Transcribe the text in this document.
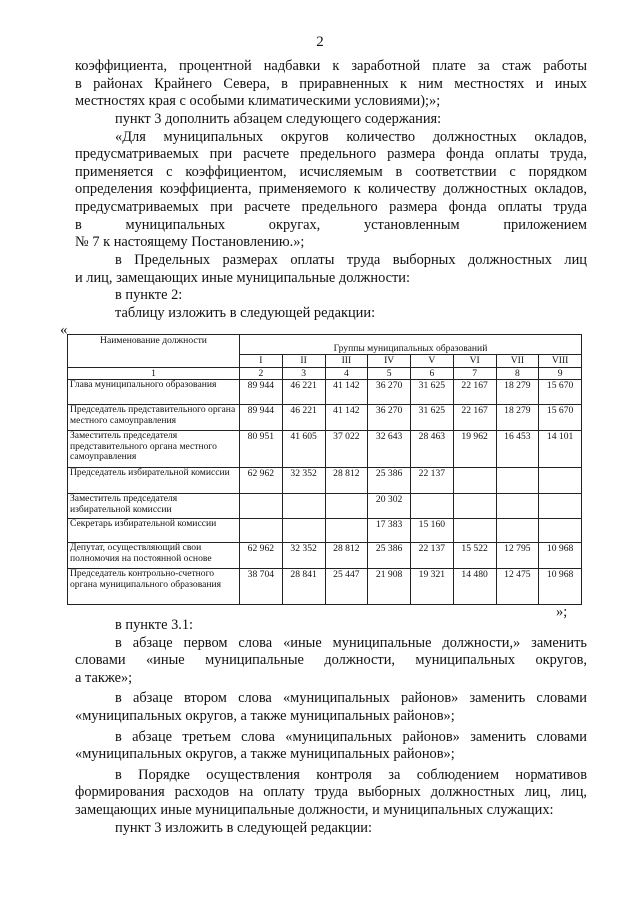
2
коэффициента, процентной надбавки к заработной плате за стаж работы
в районах Крайнего Севера, в приравненных к ним местностях и иных
местностях края с особыми климатическими условиями);»;
пункт 3 дополнить абзацем следующего содержания:
«Для муниципальных округов количество должностных окладов,
предусматриваемых при расчете предельного размера фонда оплаты труда,
применяется с коэффициентом, исчисляемым в соответствии с порядком
определения коэффициента, применяемого к количеству должностных окладов,
предусматриваемых при расчете предельного размера фонда оплаты труда
в муниципальных округах, установленным приложением
№ 7 к настоящему Постановлению.»;
в Предельных размерах оплаты труда выборных должностных лиц
и лиц, замещающих иные муниципальные должности:
в пункте 2:
таблицу изложить в следующей редакции:
«
Наименование должности	Группы муниципальных образований							
	I	II	III	IV	V	VI	VII	VIII
1	2	3	4	5	6	7	8	9
Глава муниципального образования	89 944	46 221	41 142	36 270	31 625	22 167	18 279	15 670
Председатель представительного органа местного самоуправления	89 944	46 221	41 142	36 270	31 625	22 167	18 279	15 670
Заместитель председателя представительного органа местного самоуправления	80 951	41 605	37 022	32 643	28 463	19 962	16 453	14 101
Председатель избирательной комиссии	62 962	32 352	28 812	25 386	22 137			
Заместитель председателя избирательной комиссии				20 302				
Секретарь избирательной комиссии				17 383	15 160			
Депутат, осуществляющий свои полномочия на постоянной основе	62 962	32 352	28 812	25 386	22 137	15 522	12 795	10 968
Председатель контрольно-счетного органа муниципального образования	38 704	28 841	25 447	21 908	19 321	14 480	12 475	10 968
»;
в пункте 3.1:
в абзаце первом слова «иные муниципальные должности,» заменить
словами «иные муниципальные должности, муниципальных округов,
а также»;
в абзаце втором слова «муниципальных районов» заменить словами
«муниципальных округов, а также муниципальных районов»;
в абзаце третьем слова «муниципальных районов» заменить словами
«муниципальных округов, а также муниципальных районов»;
в Порядке осуществления контроля за соблюдением нормативов
формирования расходов на оплату труда выборных должностных лиц, лиц,
замещающих иные муниципальные должности, и муниципальных служащих:
пункт 3 изложить в следующей редакции:
